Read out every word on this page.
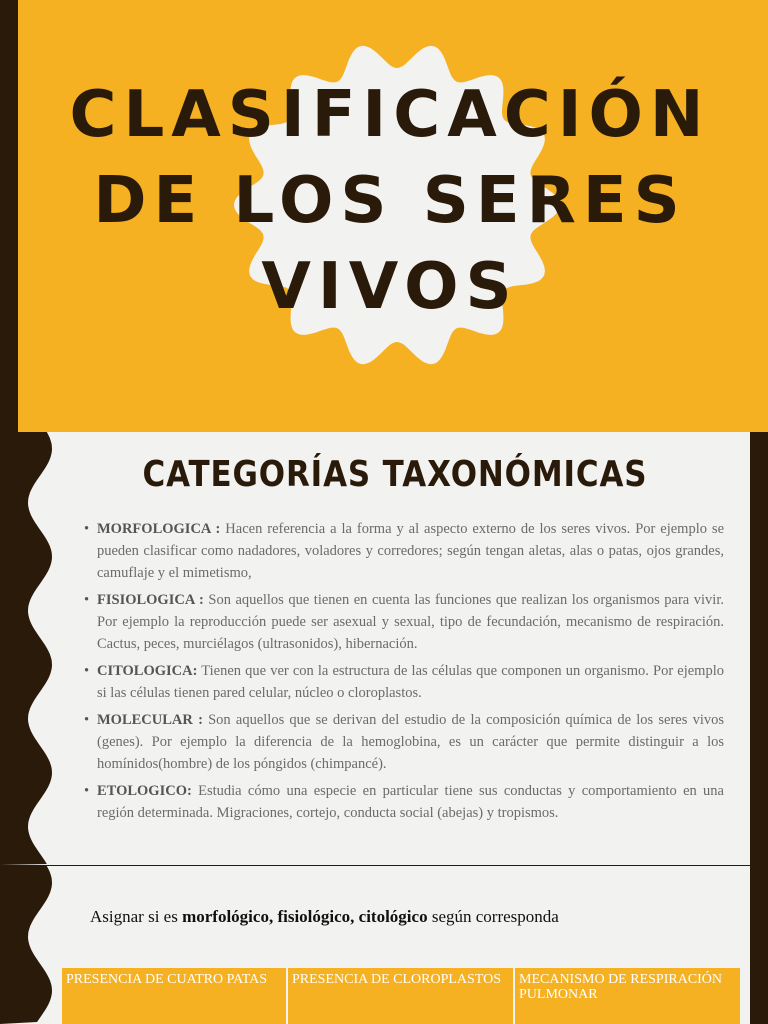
CLASIFICACIÓN
DE LOS SERES
VIVOS
CATEGORÍAS TAXONÓMICAS
• MORFOLOGICA : Hacen referencia a la forma y al aspecto externo de los seres vivos. Por ejemplo se pueden clasificar como nadadores, voladores y corredores; según tengan aletas, alas o patas, ojos grandes, camuflaje y el mimetismo,
• FISIOLOGICA : Son aquellos que tienen en cuenta las funciones que realizan los organismos para vivir. Por ejemplo la reproducción puede ser asexual y sexual, tipo de fecundación, mecanismo de respiración. Cactus, peces, murciélagos (ultrasonidos), hibernación.
• CITOLOGICA: Tienen que ver con la estructura de las células que componen un organismo. Por ejemplo si las células tienen pared celular, núcleo o cloroplastos.
• MOLECULAR : Son aquellos que se derivan del estudio de la composición química de los seres vivos (genes). Por ejemplo la diferencia de la hemoglobina, es un carácter que permite distinguir a los homínidos(hombre) de los póngidos (chimpancé).
• ETOLOGICO: Estudia cómo una especie en particular tiene sus conductas y comportamiento en una región determinada. Migraciones, cortejo, conducta social (abejas) y tropismos.

Asignar si es morfológico, fisiológico, citológico según corresponda

PRESENCIA DE CUATRO PATAS	PRESENCIA DE CLOROPLASTOS	MECANISMO DE RESPIRACIÓN PULMONAR
